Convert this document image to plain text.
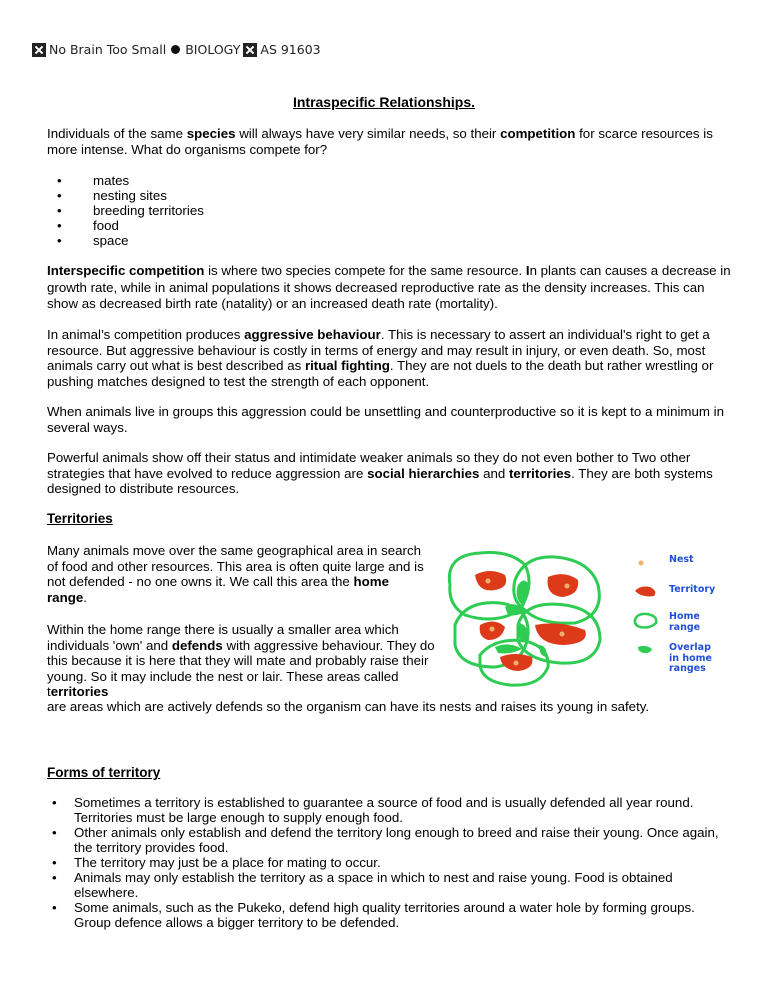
No Brain Too Small BIOLOGY AS 91603
Intraspecific Relationships.

Individuals of the same species will always have very similar needs, so their competition for scarce resources is more intense. What do organisms compete for?

• mates
• nesting sites
• breeding territories
• food
• space

Interspecific competition is where two species compete for the same resource. In plants can causes a decrease in growth rate, while in animal populations it shows decreased reproductive rate as the density increases. This can show as decreased birth rate (natality) or an increased death rate (mortality).

In animal’s competition produces aggressive behaviour. This is necessary to assert an individual's right to get a resource. But aggressive behaviour is costly in terms of energy and may result in injury, or even death. So, most animals carry out what is best described as ritual fighting. They are not duels to the death but rather wrestling or pushing matches designed to test the strength of each opponent.

When animals live in groups this aggression could be unsettling and counterproductive so it is kept to a minimum in several ways.

Powerful animals show off their status and intimidate weaker animals so they do not even bother to Two other strategies that have evolved to reduce aggression are social hierarchies and territories. They are both systems designed to distribute resources.

Territories

Many animals move over the same geographical area in search of food and other resources. This area is often quite large and is not defended - no one owns it. We call this area the home range.

Within the home range there is usually a smaller area which individuals 'own' and defends with aggressive behaviour. They do this because it is here that they will mate and probably raise their young. So it may include the nest or lair. These areas called territories

are areas which are actively defends so the organism can have its nests and raises its young in safety.

Nest
Territory
Home
range
Overlap
in home
ranges
Forms of territory
• Sometimes a territory is established to guarantee a source of food and is usually defended all year round. Territories must be large enough to supply enough food.
• Other animals only establish and defend the territory long enough to breed and raise their young. Once again, the territory provides food.
• The territory may just be a place for mating to occur.
• Animals may only establish the territory as a space in which to nest and raise young. Food is obtained elsewhere.
• Some animals, such as the Pukeko, defend high quality territories around a water hole by forming groups. Group defence allows a bigger territory to be defended.
